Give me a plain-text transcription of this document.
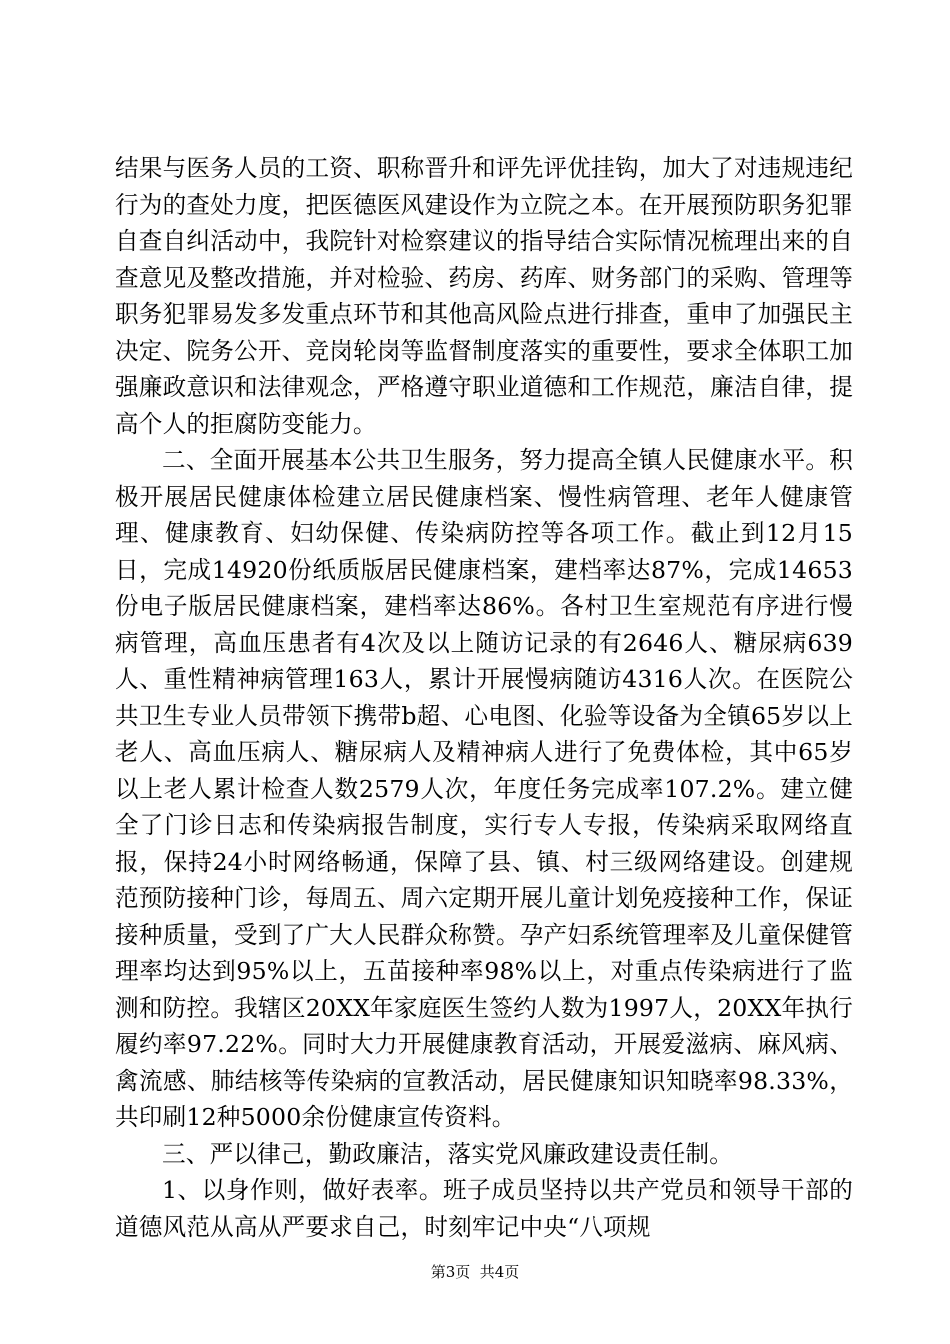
结果与医务人员的工资、职称晋升和评先评优挂钩，加大了对违规违纪行为的查处力度，把医德医风建设作为立院之本。在开展预防职务犯罪自查自纠活动中，我院针对检察建议的指导结合实际情况梳理出来的自查意见及整改措施，并对检验、药房、药库、财务部门的采购、管理等职务犯罪易发多发重点环节和其他高风险点进行排查，重申了加强民主决定、院务公开、竞岗轮岗等监督制度落实的重要性，要求全体职工加强廉政意识和法律观念，严格遵守职业道德和工作规范，廉洁自律，提高个人的拒腐防变能力。

二、全面开展基本公共卫生服务，努力提高全镇人民健康水平。积极开展居民健康体检建立居民健康档案、慢性病管理、老年人健康管理、健康教育、妇幼保健、传染病防控等各项工作。截止到12月15日，完成14920份纸质版居民健康档案，建档率达87%，完成14653份电子版居民健康档案，建档率达86%。各村卫生室规范有序进行慢病管理，高血压患者有4次及以上随访记录的有2646人、糖尿病639人、重性精神病管理163人，累计开展慢病随访4316人次。在医院公共卫生专业人员带领下携带b超、心电图、化验等设备为全镇65岁以上老人、高血压病人、糖尿病人及精神病人进行了免费体检，其中65岁以上老人累计检查人数2579人次，年度任务完成率107.2%。建立健全了门诊日志和传染病报告制度，实行专人专报，传染病采取网络直报，保持24小时网络畅通，保障了县、镇、村三级网络建设。创建规范预防接种门诊，每周五、周六定期开展儿童计划免疫接种工作，保证接种质量，受到了广大人民群众称赞。孕产妇系统管理率及儿童保健管理率均达到95%以上，五苗接种率98%以上，对重点传染病进行了监测和防控。我辖区20XX年家庭医生签约人数为1997人，20XX年执行履约率97.22%。同时大力开展健康教育活动，开展爱滋病、麻风病、禽流感、肺结核等传染病的宣教活动，居民健康知识知晓率98.33%，共印刷12种5000余份健康宣传资料。

三、严以律己，勤政廉洁，落实党风廉政建设责任制。

1、以身作则，做好表率。班子成员坚持以共产党员和领导干部的道德风范从高从严要求自己，时刻牢记中央“八项规

第3页  共4页
